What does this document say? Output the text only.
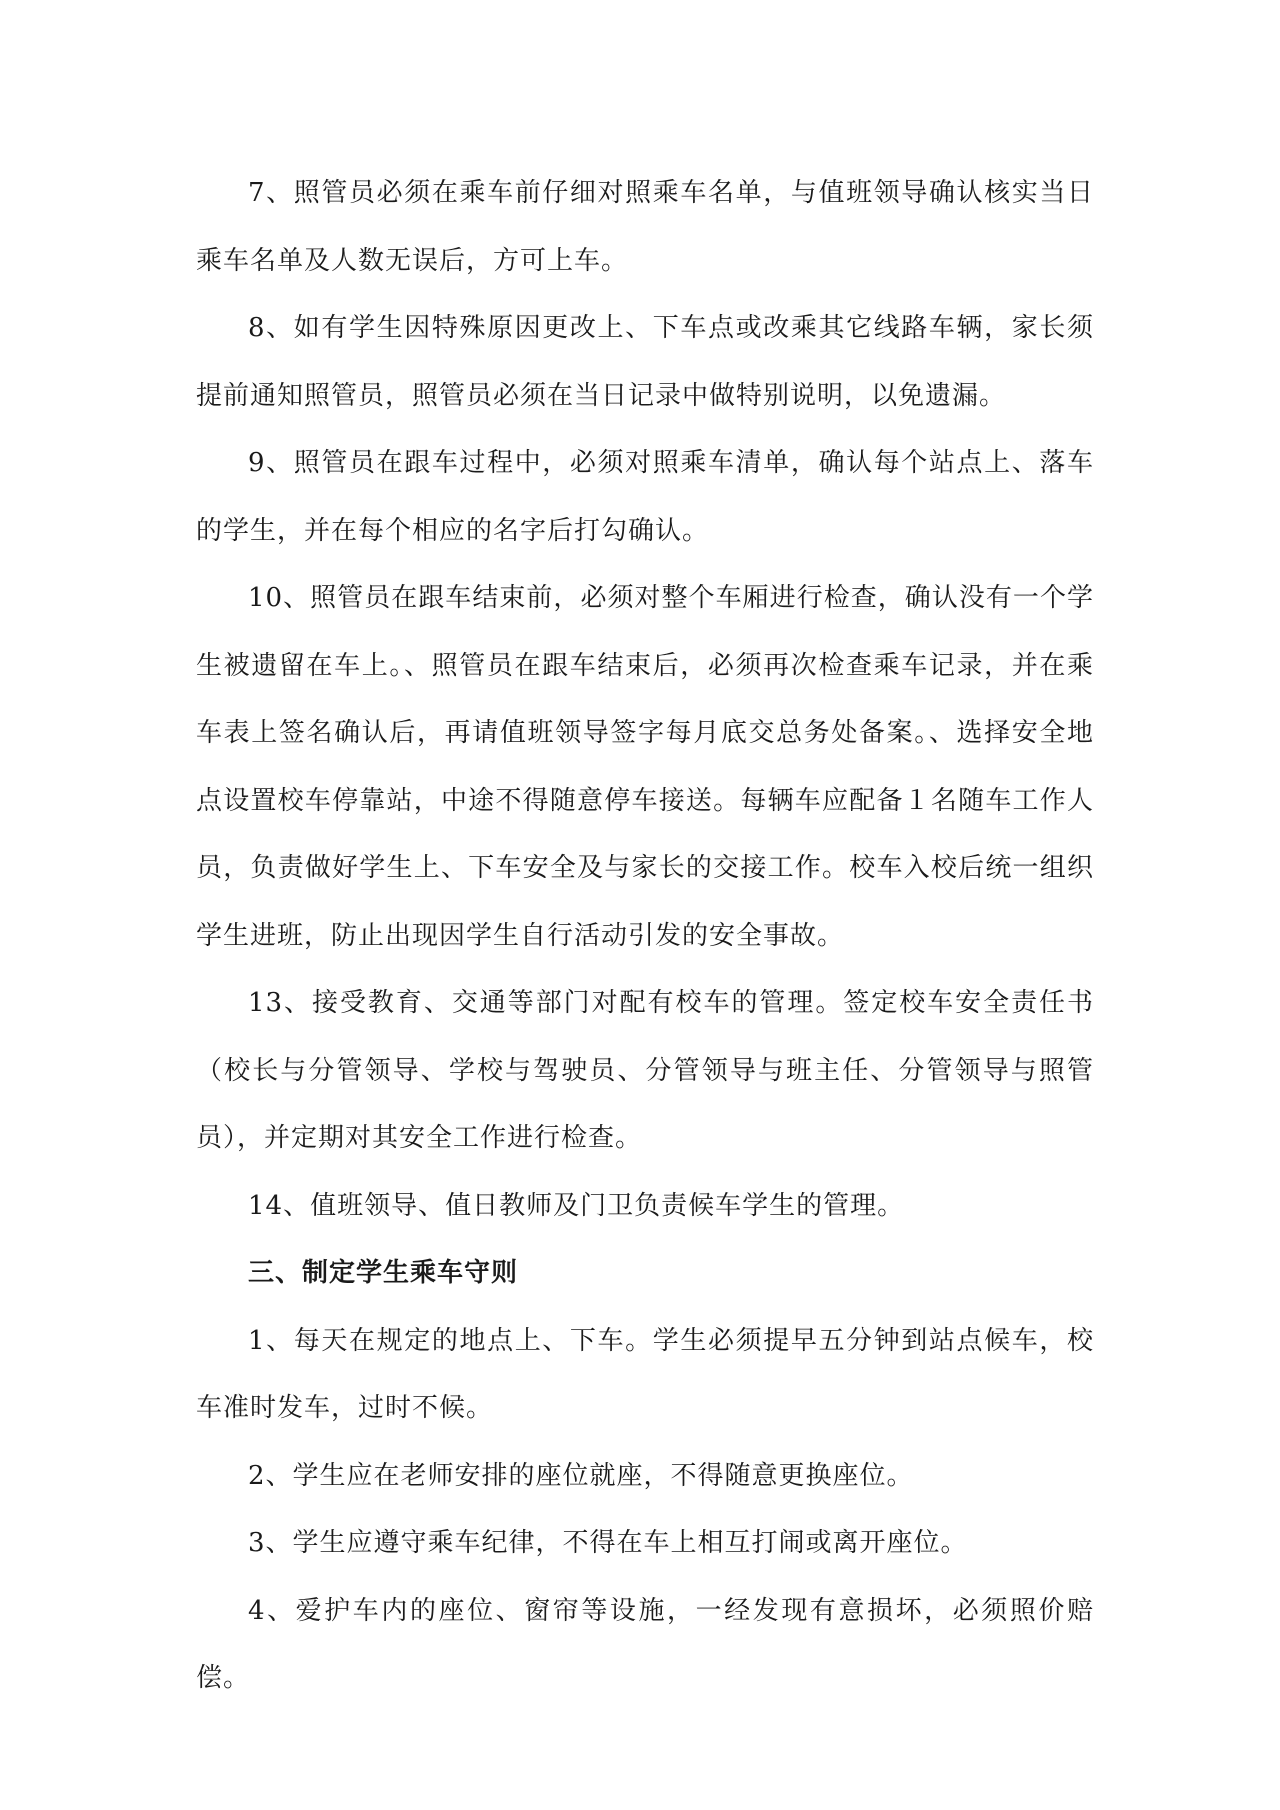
7、照管员必须在乘车前仔细对照乘车名单，与值班领导确认核实当日乘车名单及人数无误后，方可上车。

8、如有学生因特殊原因更改上、下车点或改乘其它线路车辆，家长须提前通知照管员，照管员必须在当日记录中做特别说明，以免遗漏。

9、照管员在跟车过程中，必须对照乘车清单，确认每个站点上、落车的学生，并在每个相应的名字后打勾确认。

10、照管员在跟车结束前，必须对整个车厢进行检查，确认没有一个学生被遗留在车上。、照管员在跟车结束后，必须再次检查乘车记录，并在乘车表上签名确认后，再请值班领导签字每月底交总务处备案。、选择安全地点设置校车停靠站，中途不得随意停车接送。每辆车应配备１名随车工作人员，负责做好学生上、下车安全及与家长的交接工作。校车入校后统一组织学生进班，防止出现因学生自行活动引发的安全事故。

13、接受教育、交通等部门对配有校车的管理。签定校车安全责任书（校长与分管领导、学校与驾驶员、分管领导与班主任、分管领导与照管员），并定期对其安全工作进行检查。

14、值班领导、值日教师及门卫负责候车学生的管理。

三、制定学生乘车守则

1、每天在规定的地点上、下车。学生必须提早五分钟到站点候车，校车准时发车，过时不候。

2、学生应在老师安排的座位就座，不得随意更换座位。

3、学生应遵守乘车纪律，不得在车上相互打闹或离开座位。

4、爱护车内的座位、窗帘等设施，一经发现有意损坏，必须照价赔偿。
